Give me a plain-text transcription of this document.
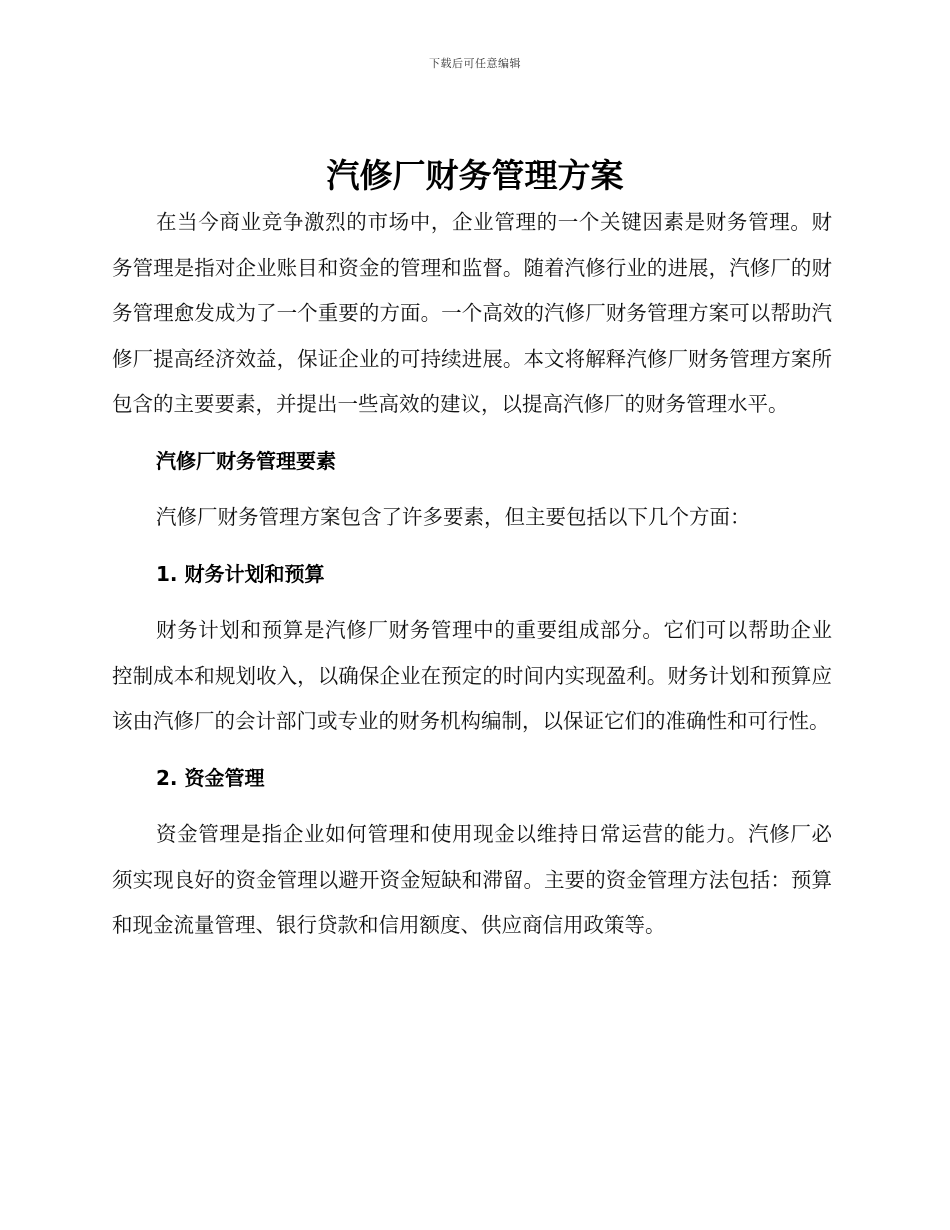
下载后可任意编辑
汽修厂财务管理方案

在当今商业竞争激烈的市场中，企业管理的一个关键因素是财务管理。财务管理是指对企业账目和资金的管理和监督。随着汽修行业的进展，汽修厂的财务管理愈发成为了一个重要的方面。一个高效的汽修厂财务管理方案可以帮助汽修厂提高经济效益，保证企业的可持续进展。本文将解释汽修厂财务管理方案所包含的主要要素，并提出一些高效的建议，以提高汽修厂的财务管理水平。

汽修厂财务管理要素

汽修厂财务管理方案包含了许多要素，但主要包括以下几个方面：

1. 财务计划和预算

财务计划和预算是汽修厂财务管理中的重要组成部分。它们可以帮助企业控制成本和规划收入，以确保企业在预定的时间内实现盈利。财务计划和预算应该由汽修厂的会计部门或专业的财务机构编制，以保证它们的准确性和可行性。

2. 资金管理

资金管理是指企业如何管理和使用现金以维持日常运营的能力。汽修厂必须实现良好的资金管理以避开资金短缺和滞留。主要的资金管理方法包括：预算和现金流量管理、银行贷款和信用额度、供应商信用政策等。
